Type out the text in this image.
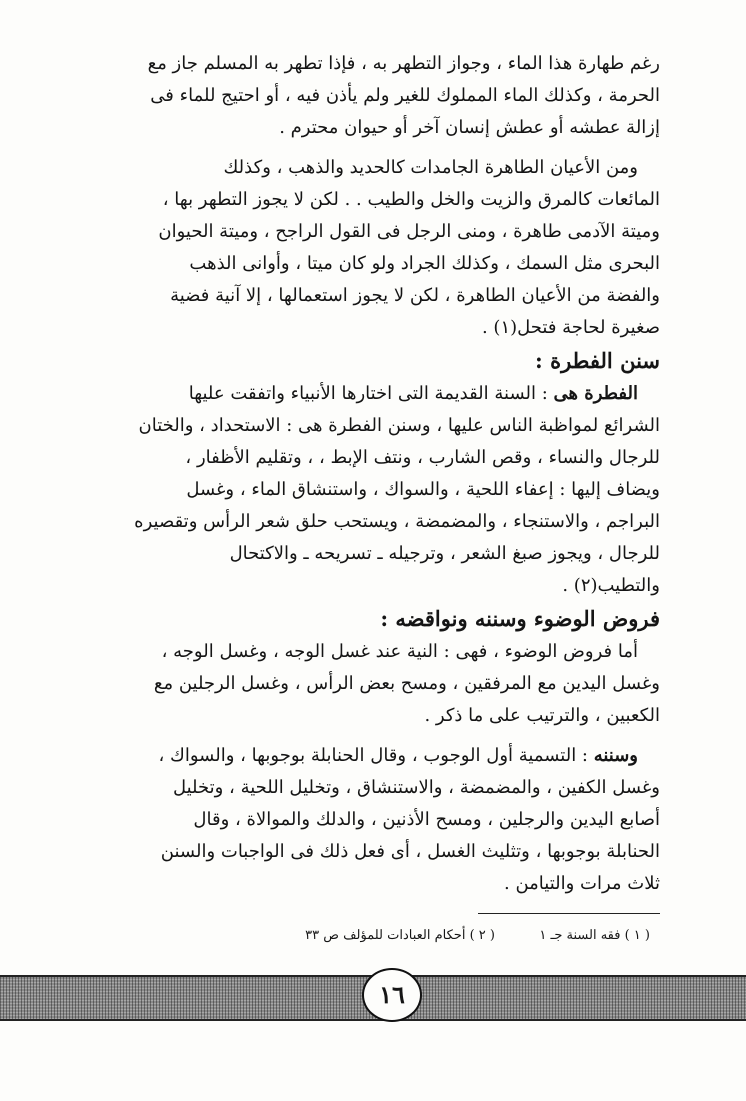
رغم طهارة هذا الماء ، وجواز التطهر به ، فإذا تطهر به المسلم جاز مع
الحرمة ، وكذلك الماء المملوك للغير ولم يأذن فيه ، أو احتيج للماء فى
إزالة عطشه أو عطش إنسان آخر أو حيوان محترم .
ومن الأعيان الطاهرة الجامدات كالحديد والذهب ، وكذلك
المائعات كالمرق والزيت والخل والطيب . . لكن لا يجوز التطهر بها ،
وميتة الآدمى طاهرة ، ومنى الرجل فى القول الراجح ، وميتة الحيوان
البحرى مثل السمك ، وكذلك الجراد ولو كان ميتا ، وأوانى الذهب
والفضة من الأعيان الطاهرة ، لكن لا يجوز استعمالها ، إلا آنية فضية
صغيرة لحاجة فتحل(١) .
سنن الفطرة :
الفطرة هى : السنة القديمة التى اختارها الأنبياء واتفقت عليها
الشرائع لمواظبة الناس عليها ، وسنن الفطرة هى : الاستحداد ، والختان
للرجال والنساء ، وقص الشارب ، ونتف الإبط ، ، وتقليم الأظفار ،
ويضاف إليها : إعفاء اللحية ، والسواك ، واستنشاق الماء ، وغسل
البراجم ، والاستنجاء ، والمضمضة ، ويستحب حلق شعر الرأس وتقصيره
للرجال ، ويجوز صبغ الشعر ، وترجيله ـ تسريحه ـ والاكتحال
والتطيب(٢) .
فروض الوضوء وسننه ونواقضه :
أما فروض الوضوء ، فهى : النية عند غسل الوجه ، وغسل الوجه ،
وغسل اليدين مع المرفقين ، ومسح بعض الرأس ، وغسل الرجلين مع
الكعبين ، والترتيب على ما ذكر .
وسننه : التسمية أول الوجوب ، وقال الحنابلة بوجوبها ، والسواك ،
وغسل الكفين ، والمضمضة ، والاستنشاق ، وتخليل اللحية ، وتخليل
أصابع اليدين والرجلين ، ومسح الأذنين ، والدلك والموالاة ، وقال
الحنابلة بوجوبها ، وتثليث الغسل ، أى فعل ذلك فى الواجبات والسنن
ثلاث مرات والتيامن .
( ١ ) فقه السنة جـ ١
( ٢ ) أحكام العبادات للمؤلف ص ٣٣
١٦
